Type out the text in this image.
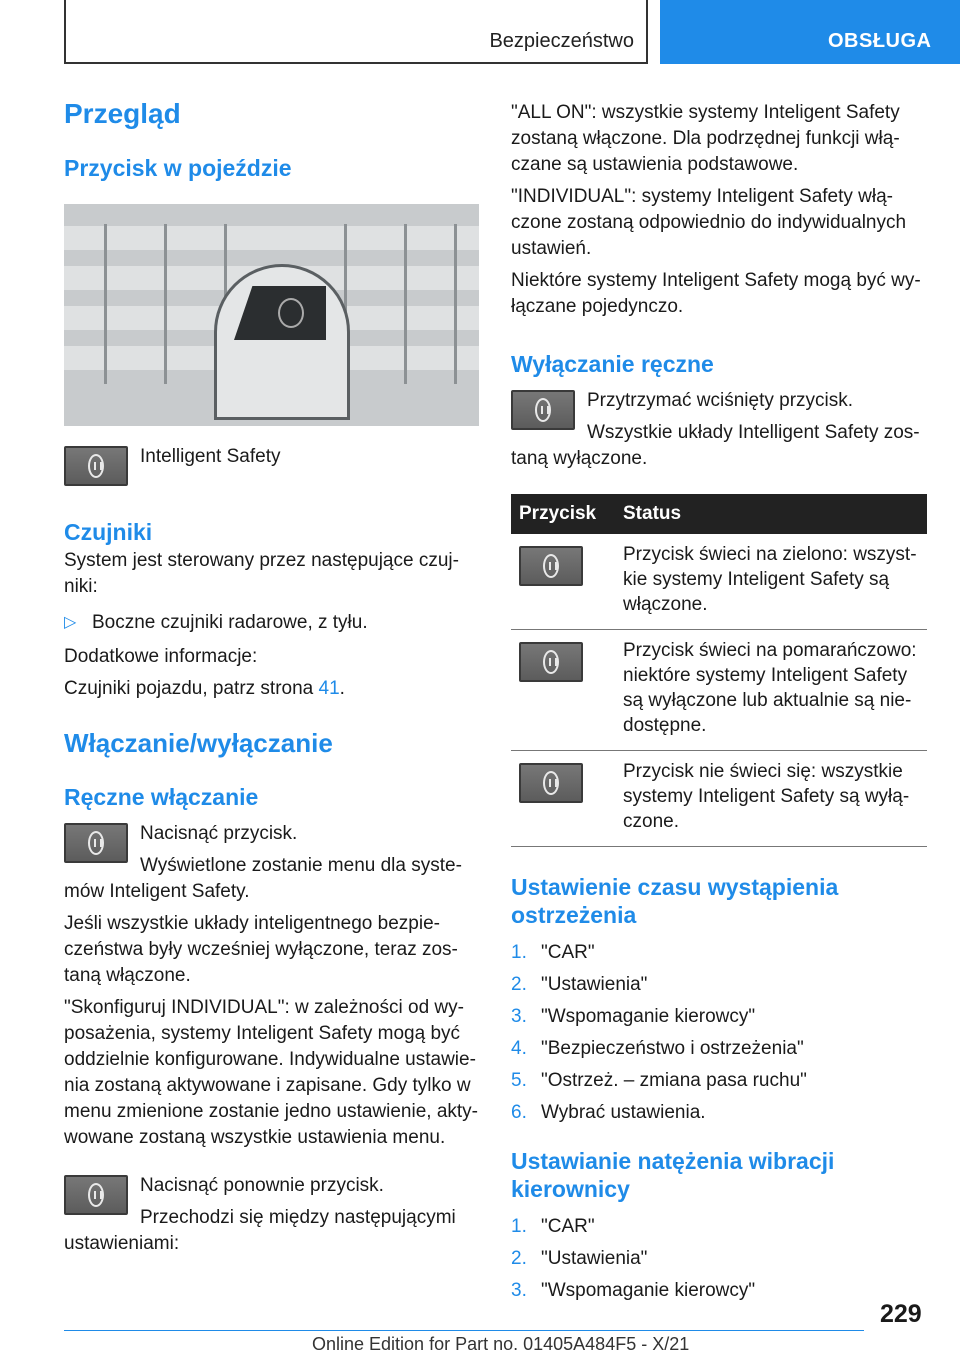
Bezpieczeństwo	OBSŁUGA
Przegląd
Przycisk w pojeździe

Intelligent Safety

Czujniki

System jest sterowany przez następujące czuj-niki:

▷ Boczne czujniki radarowe, z tyłu.

Dodatkowe informacje:

Czujniki pojazdu, patrz strona 41.

Włączanie/wyłączanie
Ręczne włączanie

Nacisnąć przycisk.

Wyświetlone zostanie menu dla syste-mów Inteligent Safety.

Jeśli wszystkie układy inteligentnego bezpie-czeństwa były wcześniej wyłączone, teraz zos-taną włączone.

"Skonfiguruj INDIVIDUAL": w zależności od wy-posażenia, systemy Inteligent Safety mogą być oddzielnie konfigurowane. Indywidualne ustawie-nia zostaną aktywowane i zapisane. Gdy tylko w menu zmienione zostanie jedno ustawienie, akty-wowane zostaną wszystkie ustawienia menu.

Nacisnąć ponownie przycisk.

Przechodzi się między następującymi ustawieniami:

"ALL ON": wszystkie systemy Inteligent Safety zostaną włączone. Dla podrzędnej funkcji włą-czane są ustawienia podstawowe.

"INDIVIDUAL": systemy Inteligent Safety włą-czone zostaną odpowiednio do indywidualnych ustawień.

Niektóre systemy Inteligent Safety mogą być wy-łączane pojedynczo.

Wyłączanie ręczne

Przytrzymać wciśnięty przycisk.

Wszystkie układy Intelligent Safety zos-taną wyłączone.

Przycisk	Status

	Przycisk świeci na zielono: wszyst-kie systemy Inteligent Safety są włączone.

	Przycisk świeci na pomarańczowo: niektóre systemy Inteligent Safety są wyłączone lub aktualnie są nie-dostępne.

	Przycisk nie świeci się: wszystkie systemy Inteligent Safety są wyłą-czone.
Ustawienie czasu wystąpienia ostrzeżenia
1. "CAR"
2. "Ustawienia"
3. "Wspomaganie kierowcy"
4. "Bezpieczeństwo i ostrzeżenia"
5. "Ostrzeż. – zmiana pasa ruchu"
6. Wybrać ustawienia.
Ustawianie natężenia wibracji kierownicy
1. "CAR"
2. "Ustawienia"
3. "Wspomaganie kierowcy"
229
Online Edition for Part no. 01405A484F5 - X/21
